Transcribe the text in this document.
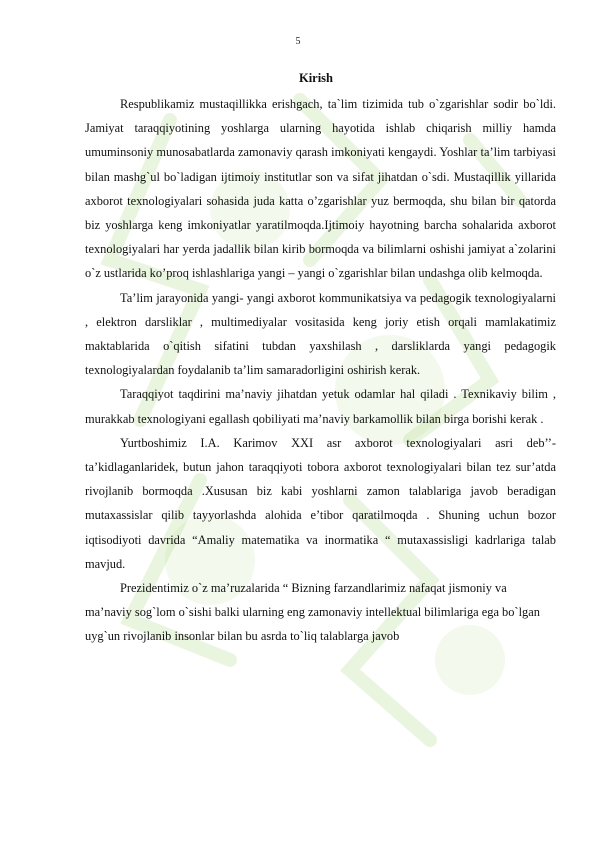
5
Kirish

Respublikamiz mustaqillikka erishgach, ta`lim tizimida tub o`zgarishlar sodir bo`ldi. Jamiyat taraqqiyotining yoshlarga ularning hayotida ishlab chiqarish milliy hamda umuminsoniy munosabatlarda zamonaviy qarash imkoniyati kengaydi. Yoshlar ta’lim tarbiyasi bilan mashg`ul bo`ladigan ijtimoiy institutlar son va sifat jihatdan o`sdi. Mustaqillik yillarida axborot texnologiyalari sohasida juda katta o’zgarishlar yuz bermoqda, shu bilan bir qatorda biz yoshlarga keng imkoniyatlar yaratilmoqda.Ijtimoiy hayotning barcha sohalarida axborot texnologiyalari har yerda jadallik bilan kirib bormoqda va bilimlarni oshishi jamiyat a`zolarini o`z ustlarida ko’proq ishlashlariga yangi – yangi o`zgarishlar bilan undashga olib kelmoqda.

Ta’lim jarayonida yangi- yangi axborot kommunikatsiya va pedagogik texnologiyalarni , elektron darsliklar , multimediyalar vositasida keng joriy etish orqali mamlakatimiz maktablarida o`qitish sifatini tubdan yaxshilash , darsliklarda yangi pedagogik texnologiyalardan foydalanib ta’lim samaradorligini oshirish kerak.

Taraqqiyot taqdirini ma’naviy jihatdan yetuk odamlar hal qiladi . Texnikaviy bilim , murakkab texnologiyani egallash qobiliyati ma’naviy barkamollik bilan birga borishi kerak .

Yurtboshimiz I.A. Karimov XXI asr axborot texnologiyalari asri deb’’- ta’kidlaganlaridek, butun jahon taraqqiyoti tobora axborot texnologiyalari bilan tez sur’atda rivojlanib bormoqda .Xususan biz kabi yoshlarni zamon talablariga javob beradigan mutaxassislar qilib tayyorlashda alohida e’tibor qaratilmoqda . Shuning uchun bozor iqtisodiyoti davrida “Amaliy matematika va inormatika “ mutaxassisligi kadrlariga talab mavjud.

Prezidentimiz o`z ma’ruzalarida “ Bizning farzandlarimiz nafaqat jismoniy va ma’naviy sog`lom o`sishi balki ularning eng zamonaviy intellektual bilimlariga ega bo`lgan uyg`un rivojlanib insonlar bilan bu asrda to`liq talablarga javob
